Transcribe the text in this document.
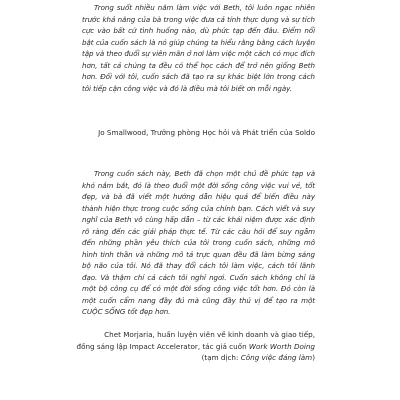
Trong suốt nhiều năm làm việc với Beth, tôi luôn ngạc nhiên trước khả năng của bà trong việc đưa cả tính thực dụng và sự tích cực vào bất cứ tình huống nào, dù phức tạp đến đâu. Điểm nổi bật của cuốn sách là nó giúp chúng ta hiểu rằng bằng cách luyện tập và theo đuổi sự viên mãn ở nơi làm việc một cách có mục đích hơn, tất cả chúng ta đều có thể học cách để trở nên giống Beth hơn. Đối với tôi, cuốn sách đã tạo ra sự khác biệt lớn trong cách tôi tiếp cận công việc và đó là điều mà tôi biết ơn mỗi ngày.

Jo Smallwood, Trưởng phòng Học hỏi và Phát triển của Soldo

Trong cuốn sách này, Beth đã chọn một chủ đề phức tạp và khó nắm bắt, đó là theo đuổi một đời sống công việc vui vẻ, tốt đẹp, và bà đã viết một hướng dẫn hiệu quả để biến điều này thành hiện thực trong cuộc sống của chính bạn. Cách viết và suy nghĩ của Beth vô cùng hấp dẫn – từ các khái niệm được xác định rõ ràng đến các giải pháp thực tế. Từ các câu hỏi để suy ngẫm đến những phần yêu thích của tôi trong cuốn sách, những mô hình tinh thần và những mô tả trực quan đều đã làm bừng sáng bộ não của tôi. Nó đã thay đổi cách tôi làm việc, cách tôi lãnh đạo. Và thậm chí cả cách tôi nghỉ ngơi. Cuốn sách không chỉ là một bộ công cụ để có một đời sống công việc tốt hơn. Đó còn là một cuốn cẩm nang đầy đủ mà cũng đầy thú vị để tạo ra một CUỘC SỐNG tốt đẹp hơn.

Chet Morjaria, huấn luyện viên về kinh doanh và giao tiếp,
đồng sáng lập Impact Accelerator, tác giả cuốn Work Worth Doing
(tạm dịch: Công việc đáng làm)
